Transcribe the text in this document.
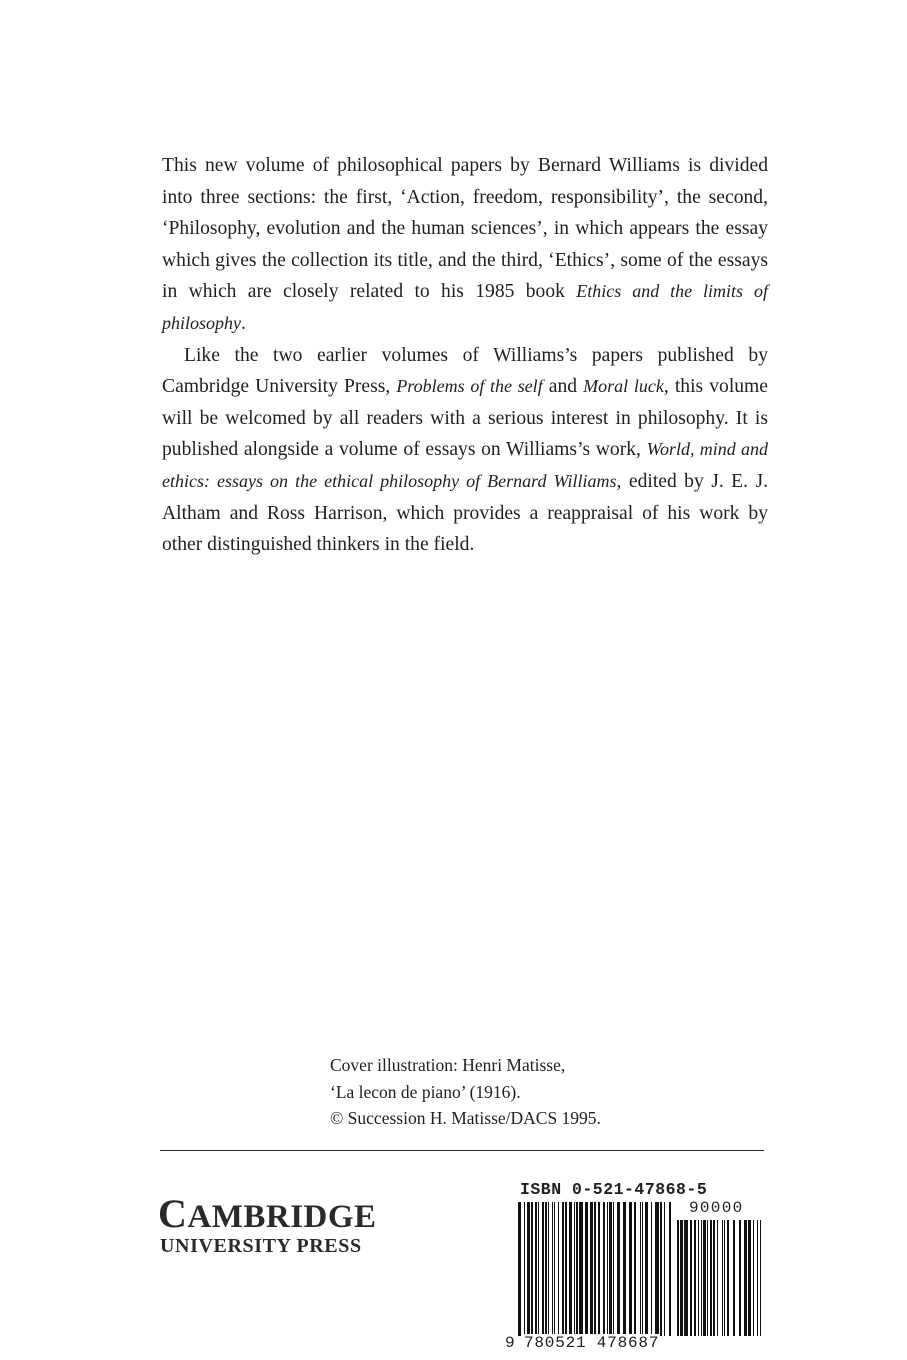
This new volume of philosophical papers by Bernard Williams is divided into three sections: the first, ‘Action, freedom, responsibility’, the second, ‘Philosophy, evolution and the human sciences’, in which appears the essay which gives the collection its title, and the third, ‘Ethics’, some of the essays in which are closely related to his 1985 book Ethics and the limits of philosophy.

Like the two earlier volumes of Williams’s papers published by Cambridge University Press, Problems of the self and Moral luck, this volume will be welcomed by all readers with a serious interest in philosophy. It is published alongside a volume of essays on Williams’s work, World, mind and ethics: essays on the ethical philosophy of Bernard Williams, edited by J. E. J. Altham and Ross Harrison, which provides a reappraisal of his work by other distinguished thinkers in the field.

Cover illustration: Henri Matisse,
‘La lecon de piano’ (1916).
© Succession H. Matisse/DACS 1995.
CAMBRIDGE
UNIVERSITY PRESS
ISBN 0-521-47868-5
90000
9 780521 478687
